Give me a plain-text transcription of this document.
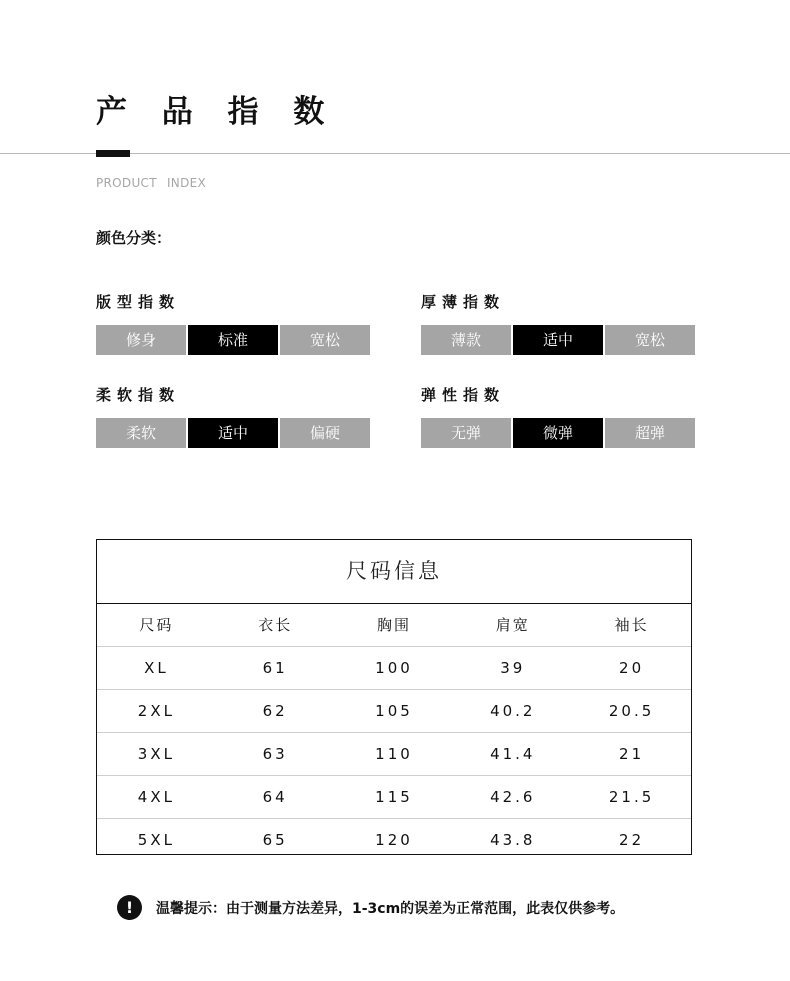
产 品 指 数
PRODUCT INDEX
颜色分类：
版型指数
修身	标准	宽松
厚薄指数
薄款	适中	宽松
柔软指数
柔软	适中	偏硬
弹性指数
无弹	微弹	超弹
尺码信息
尺码	衣长	胸围	肩宽	袖长
XL	61	100	39	20
2XL	62	105	40.2	20.5
3XL	63	110	41.4	21
4XL	64	115	42.6	21.5
5XL	65	120	43.8	22
!	温馨提示：由于测量方法差异，1-3cm的误差为正常范围，此表仅供参考。
